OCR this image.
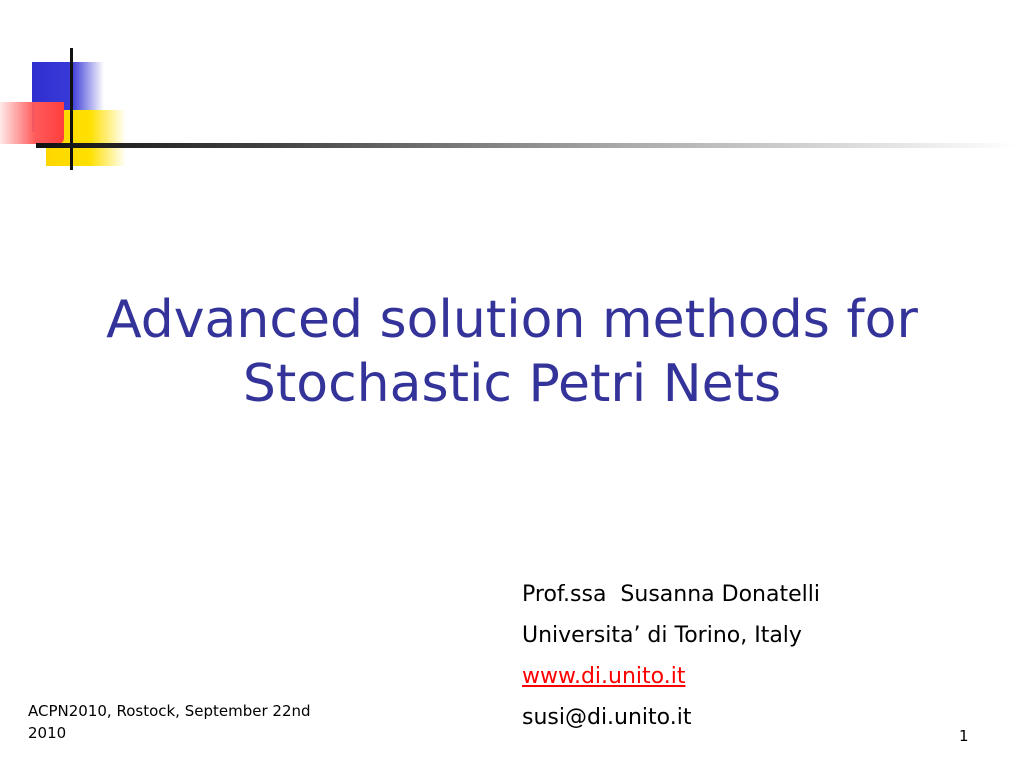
Advanced solution methods for
Stochastic Petri Nets
Prof.ssa  Susanna Donatelli
Universita’ di Torino, Italy
www.di.unito.it
susi@di.unito.it
ACPN2010, Rostock, September 22nd
2010	1
